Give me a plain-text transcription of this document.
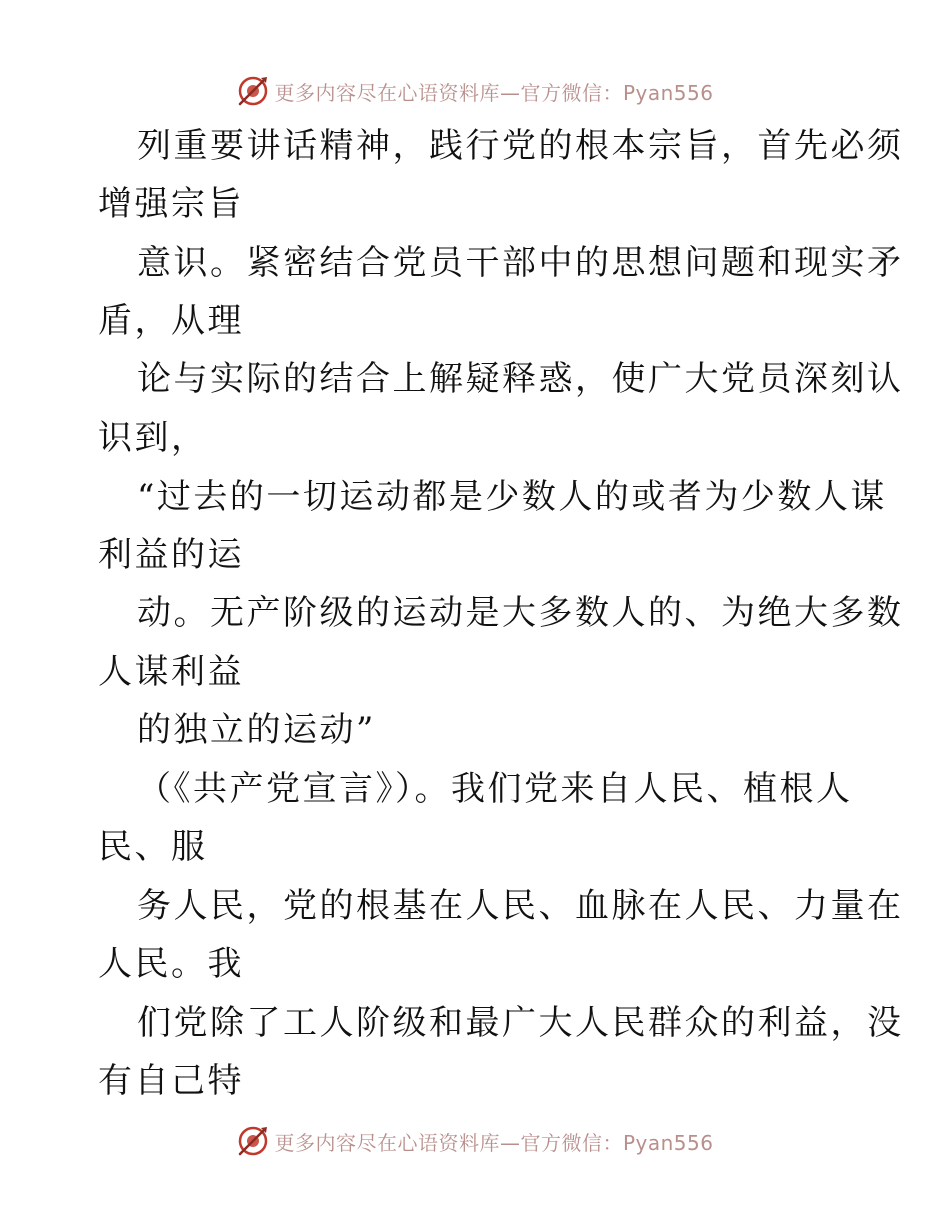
更多内容尽在心语资料库—官方微信：Pyan556
列重要讲话精神，践行党的根本宗旨，首先必须
增强宗旨
意识。紧密结合党员干部中的思想问题和现实矛
盾，从理
论与实际的结合上解疑释惑，使广大党员深刻认
识到，
“过去的一切运动都是少数人的或者为少数人谋
利益的运
动。无产阶级的运动是大多数人的、为绝大多数
人谋利益
的独立的运动”
（《共产党宣言》）。我们党来自人民、植根人
民、服
务人民，党的根基在人民、血脉在人民、力量在
人民。我
们党除了工人阶级和最广大人民群众的利益，没
有自己特
更多内容尽在心语资料库—官方微信：Pyan556
